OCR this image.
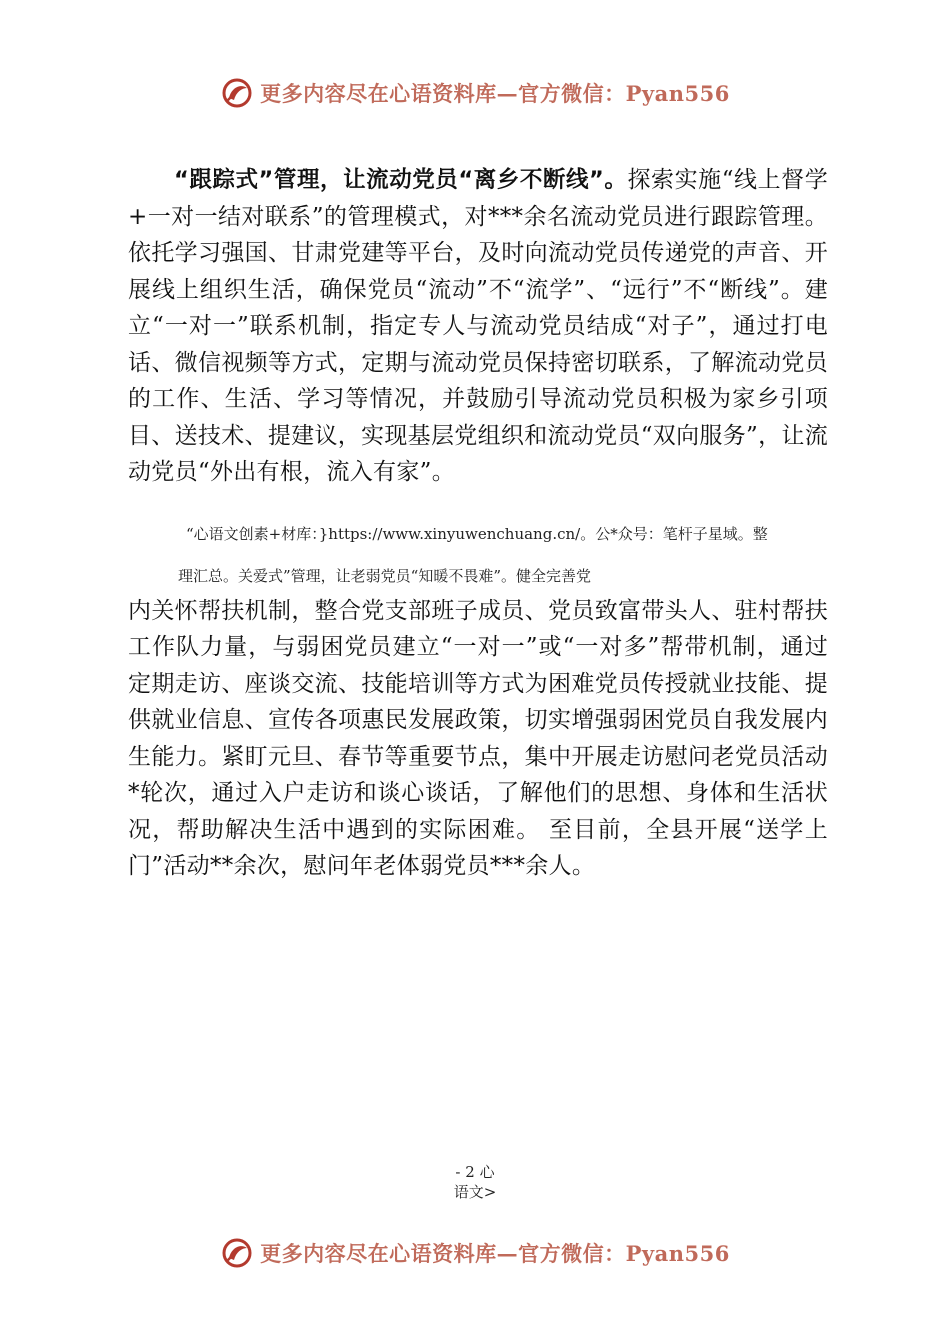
更多内容尽在心语资料库—官方微信：Pyan556

“跟踪式”管理，让流动党员“离乡不断线”。探索实施“线上督学+一对一结对联系”的管理模式，对***余名流动党员进行跟踪管理。依托学习强国、甘肃党建等平台，及时向流动党员传递党的声音、开展线上组织生活，确保党员“流动”不“流学”、“远行”不“断线”。建立“一对一”联系机制，指定专人与流动党员结成“对子”，通过打电话、微信视频等方式，定期与流动党员保持密切联系，了解流动党员的工作、生活、学习等情况，并鼓励引导流动党员积极为家乡引项目、送技术、提建议，实现基层党组织和流动党员“双向服务”，让流动党员“外出有根，流入有家”。

“心语文创素+材库：}https://www.xinyuwenchuang.cn/。公*众号：笔杆子星域。整

理汇总。关爱式”管理，让老弱党员“知暖不畏难”。健全完善党

内关怀帮扶机制，整合党支部班子成员、党员致富带头人、驻村帮扶工作队力量，与弱困党员建立“一对一”或“一对多”帮带机制，通过定期走访、座谈交流、技能培训等方式为困难党员传授就业技能、提供就业信息、宣传各项惠民发展政策，切实增强弱困党员自我发展内生能力。紧盯元旦、春节等重要节点，集中开展走访慰问老党员活动*轮次，通过入户走访和谈心谈话，了解他们的思想、身体和生活状况，帮助解决生活中遇到的实际困难。 至目前，全县开展“送学上门”活动**余次，慰问年老体弱党员***余人。

- 2 心
语文>
更多内容尽在心语资料库—官方微信：Pyan556
